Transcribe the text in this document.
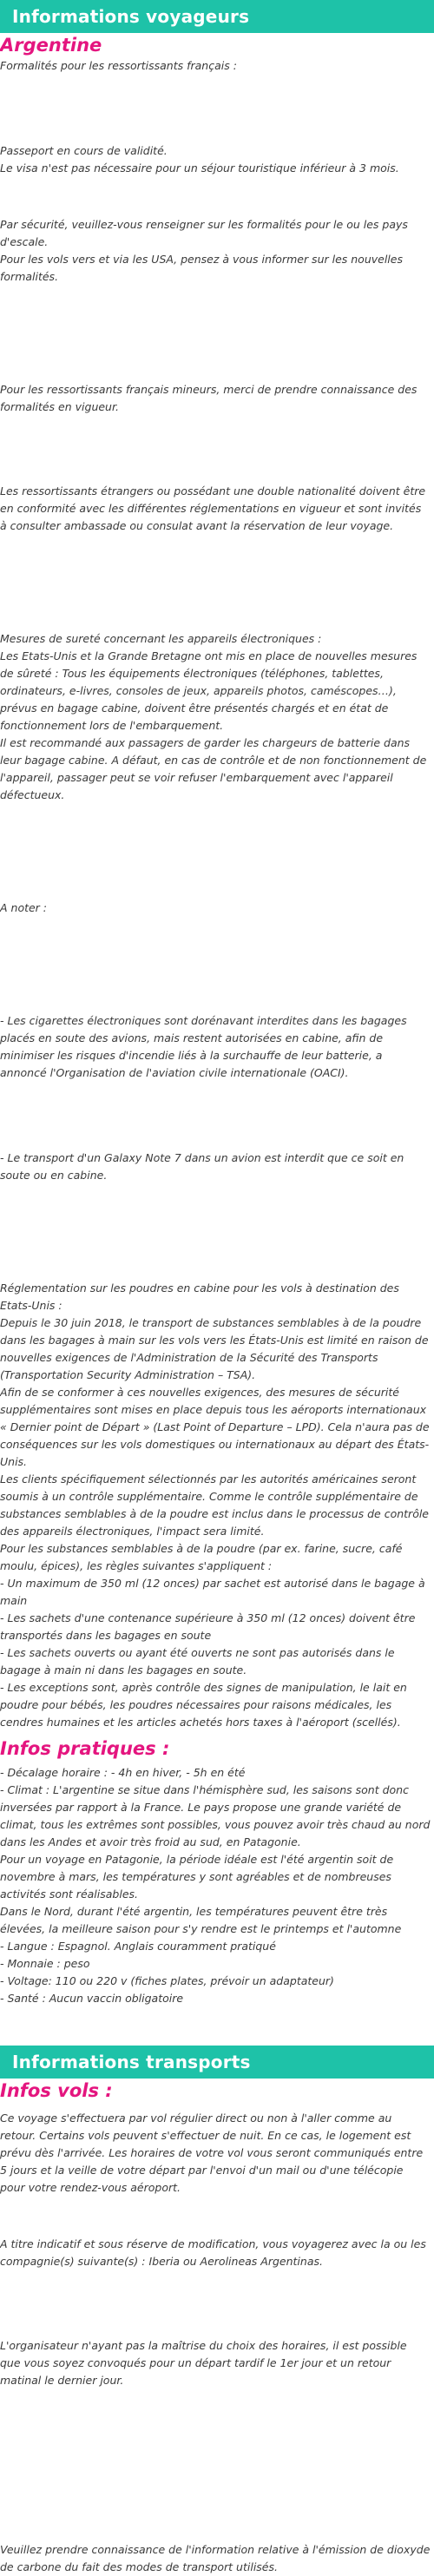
Informations voyageurs
Argentine

Formalités pour les ressortissants français :

Passeport en cours de validité.

Le visa n'est pas nécessaire pour un séjour touristique inférieur à 3 mois.

Par sécurité, veuillez-vous renseigner sur les formalités pour le ou les pays d'escale.

Pour les vols vers et via les USA, pensez à vous informer sur les nouvelles formalités.

Pour les ressortissants français mineurs, merci de prendre connaissance des formalités en vigueur.

Les ressortissants étrangers ou possédant une double nationalité doivent être en conformité avec les différentes réglementations en vigueur et sont invités à consulter ambassade ou consulat avant la réservation de leur voyage.

Mesures de sureté concernant les appareils électroniques :

Les Etats-Unis et la Grande Bretagne ont mis en place de nouvelles mesures de sûreté : Tous les équipements électroniques (téléphones, tablettes, ordinateurs, e-livres, consoles de jeux, appareils photos, caméscopes…), prévus en bagage cabine, doivent être présentés chargés et en état de fonctionnement lors de l'embarquement.

Il est recommandé aux passagers de garder les chargeurs de batterie dans leur bagage cabine. A défaut, en cas de contrôle et de non fonctionnement de l'appareil, passager peut se voir refuser l'embarquement avec l'appareil défectueux.

A noter :

- Les cigarettes électroniques sont dorénavant interdites dans les bagages placés en soute des avions, mais restent autorisées en cabine, afin de minimiser les risques d'incendie liés à la surchauffe de leur batterie, a annoncé l'Organisation de l'aviation civile internationale (OACI).

- Le transport d'un Galaxy Note 7 dans un avion est interdit que ce soit en soute ou en cabine.

Réglementation sur les poudres en cabine pour les vols à destination des Etats-Unis :

Depuis le 30 juin 2018, le transport de substances semblables à de la poudre dans les bagages à main sur les vols vers les États-Unis est limité en raison de nouvelles exigences de l'Administration de la Sécurité des Transports (Transportation Security Administration – TSA).

Afin de se conformer à ces nouvelles exigences, des mesures de sécurité supplémentaires sont mises en place depuis tous les aéroports internationaux « Dernier point de Départ » (Last Point of Departure – LPD). Cela n'aura pas de conséquences sur les vols domestiques ou internationaux au départ des États-Unis.

Les clients spécifiquement sélectionnés par les autorités américaines seront soumis à un contrôle supplémentaire. Comme le contrôle supplémentaire de substances semblables à de la poudre est inclus dans le processus de contrôle des appareils électroniques, l'impact sera limité.

Pour les substances semblables à de la poudre (par ex. farine, sucre, café moulu, épices), les règles suivantes s'appliquent :

- Un maximum de 350 ml (12 onces) par sachet est autorisé dans le bagage à main

- Les sachets d'une contenance supérieure à 350 ml (12 onces) doivent être transportés dans les bagages en soute

- Les sachets ouverts ou ayant été ouverts ne sont pas autorisés dans le bagage à main ni dans les bagages en soute.

- Les exceptions sont, après contrôle des signes de manipulation, le lait en poudre pour bébés, les poudres nécessaires pour raisons médicales, les cendres humaines et les articles achetés hors taxes à l'aéroport (scellés).

Infos pratiques :

- Décalage horaire : - 4h en hiver, - 5h en été

- Climat : L'argentine se situe dans l'hémisphère sud, les saisons sont donc inversées par rapport à la France. Le pays propose une grande variété de climat, tous les extrêmes sont possibles, vous pouvez avoir très chaud au nord dans les Andes et avoir très froid au sud, en Patagonie.

Pour un voyage en Patagonie, la période idéale est l'été argentin soit de novembre à mars, les températures y sont agréables et de nombreuses activités sont réalisables.

Dans le Nord, durant l'été argentin, les températures peuvent être très élevées, la meilleure saison pour s'y rendre est le printemps et l'automne

- Langue : Espagnol. Anglais couramment pratiqué

- Monnaie : peso

- Voltage: 110 ou 220 v (fiches plates, prévoir un adaptateur)

- Santé : Aucun vaccin obligatoire

Informations transports
Infos vols :

Ce voyage s'effectuera par vol régulier direct ou non à l'aller comme au retour. Certains vols peuvent s'effectuer de nuit. En ce cas, le logement est prévu dès l'arrivée. Les horaires de votre vol vous seront communiqués entre 5 jours et la veille de votre départ par l'envoi d'un mail ou d'une télécopie pour votre rendez-vous aéroport.

A titre indicatif et sous réserve de modification, vous voyagerez avec la ou les compagnie(s) suivante(s) : Iberia ou Aerolineas Argentinas.

L'organisateur n'ayant pas la maîtrise du choix des horaires, il est possible que vous soyez convoqués pour un départ tardif le 1er jour et un retour matinal le dernier jour.

Veuillez prendre connaissance de l'information relative à l'émission de dioxyde de carbone du fait des modes de transport utilisés.
